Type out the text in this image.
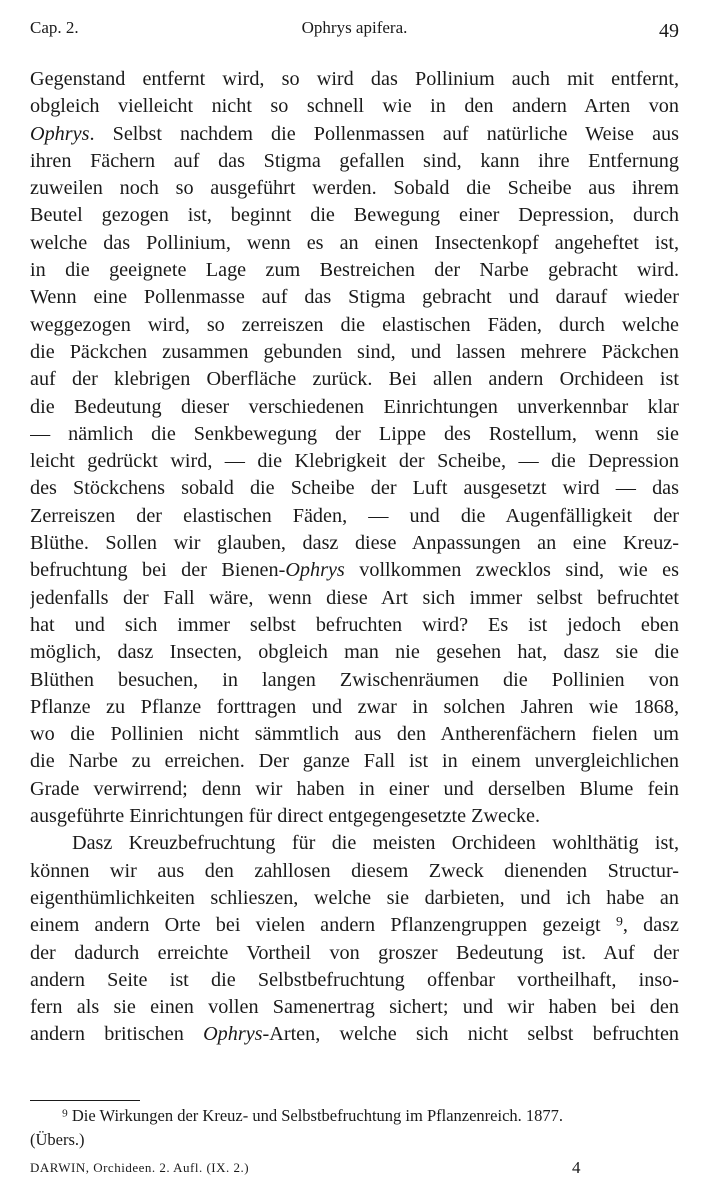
Cap. 2.	Ophrys apifera.	49
Gegenstand entfernt wird, so wird das Pollinium auch mit entfernt,
obgleich vielleicht nicht so schnell wie in den andern Arten von
Ophrys. Selbst nachdem die Pollenmassen auf natürliche Weise aus
ihren Fächern auf das Stigma gefallen sind, kann ihre Entfernung
zuweilen noch so ausgeführt werden. Sobald die Scheibe aus ihrem
Beutel gezogen ist, beginnt die Bewegung einer Depression, durch
welche das Pollinium, wenn es an einen Insectenkopf angeheftet ist,
in die geeignete Lage zum Bestreichen der Narbe gebracht wird.
Wenn eine Pollenmasse auf das Stigma gebracht und darauf wieder
weggezogen wird, so zerreiszen die elastischen Fäden, durch welche
die Päckchen zusammen gebunden sind, und lassen mehrere Päckchen
auf der klebrigen Oberfläche zurück. Bei allen andern Orchideen ist
die Bedeutung dieser verschiedenen Einrichtungen unverkennbar klar
— nämlich die Senkbewegung der Lippe des Rostellum, wenn sie
leicht gedrückt wird, — die Klebrigkeit der Scheibe, — die Depression
des Stöckchens sobald die Scheibe der Luft ausgesetzt wird — das
Zerreiszen der elastischen Fäden, — und die Augenfälligkeit der
Blüthe. Sollen wir glauben, dasz diese Anpassungen an eine Kreuz-
befruchtung bei der Bienen-Ophrys vollkommen zwecklos sind, wie es
jedenfalls der Fall wäre, wenn diese Art sich immer selbst befruchtet
hat und sich immer selbst befruchten wird? Es ist jedoch eben
möglich, dasz Insecten, obgleich man nie gesehen hat, dasz sie die
Blüthen besuchen, in langen Zwischenräumen die Pollinien von
Pflanze zu Pflanze forttragen und zwar in solchen Jahren wie 1868,
wo die Pollinien nicht sämmtlich aus den Antherenfächern fielen um
die Narbe zu erreichen. Der ganze Fall ist in einem unvergleichlichen
Grade verwirrend; denn wir haben in einer und derselben Blume fein
ausgeführte Einrichtungen für direct entgegengesetzte Zwecke.
Dasz Kreuzbefruchtung für die meisten Orchideen wohlthätig ist,
können wir aus den zahllosen diesem Zweck dienenden Structur-
eigenthümlichkeiten schlieszen, welche sie darbieten, und ich habe an
einem andern Orte bei vielen andern Pflanzengruppen gezeigt ⁹, dasz
der dadurch erreichte Vortheil von groszer Bedeutung ist. Auf der
andern Seite ist die Selbstbefruchtung offenbar vortheilhaft, inso-
fern als sie einen vollen Samenertrag sichert; und wir haben bei den
andern britischen Ophrys-Arten, welche sich nicht selbst befruchten
⁹ Die Wirkungen der Kreuz- und Selbstbefruchtung im Pflanzenreich. 1877.
(Übers.)
DARWIN, Orchideen. 2. Aufl. (IX. 2.)	4
